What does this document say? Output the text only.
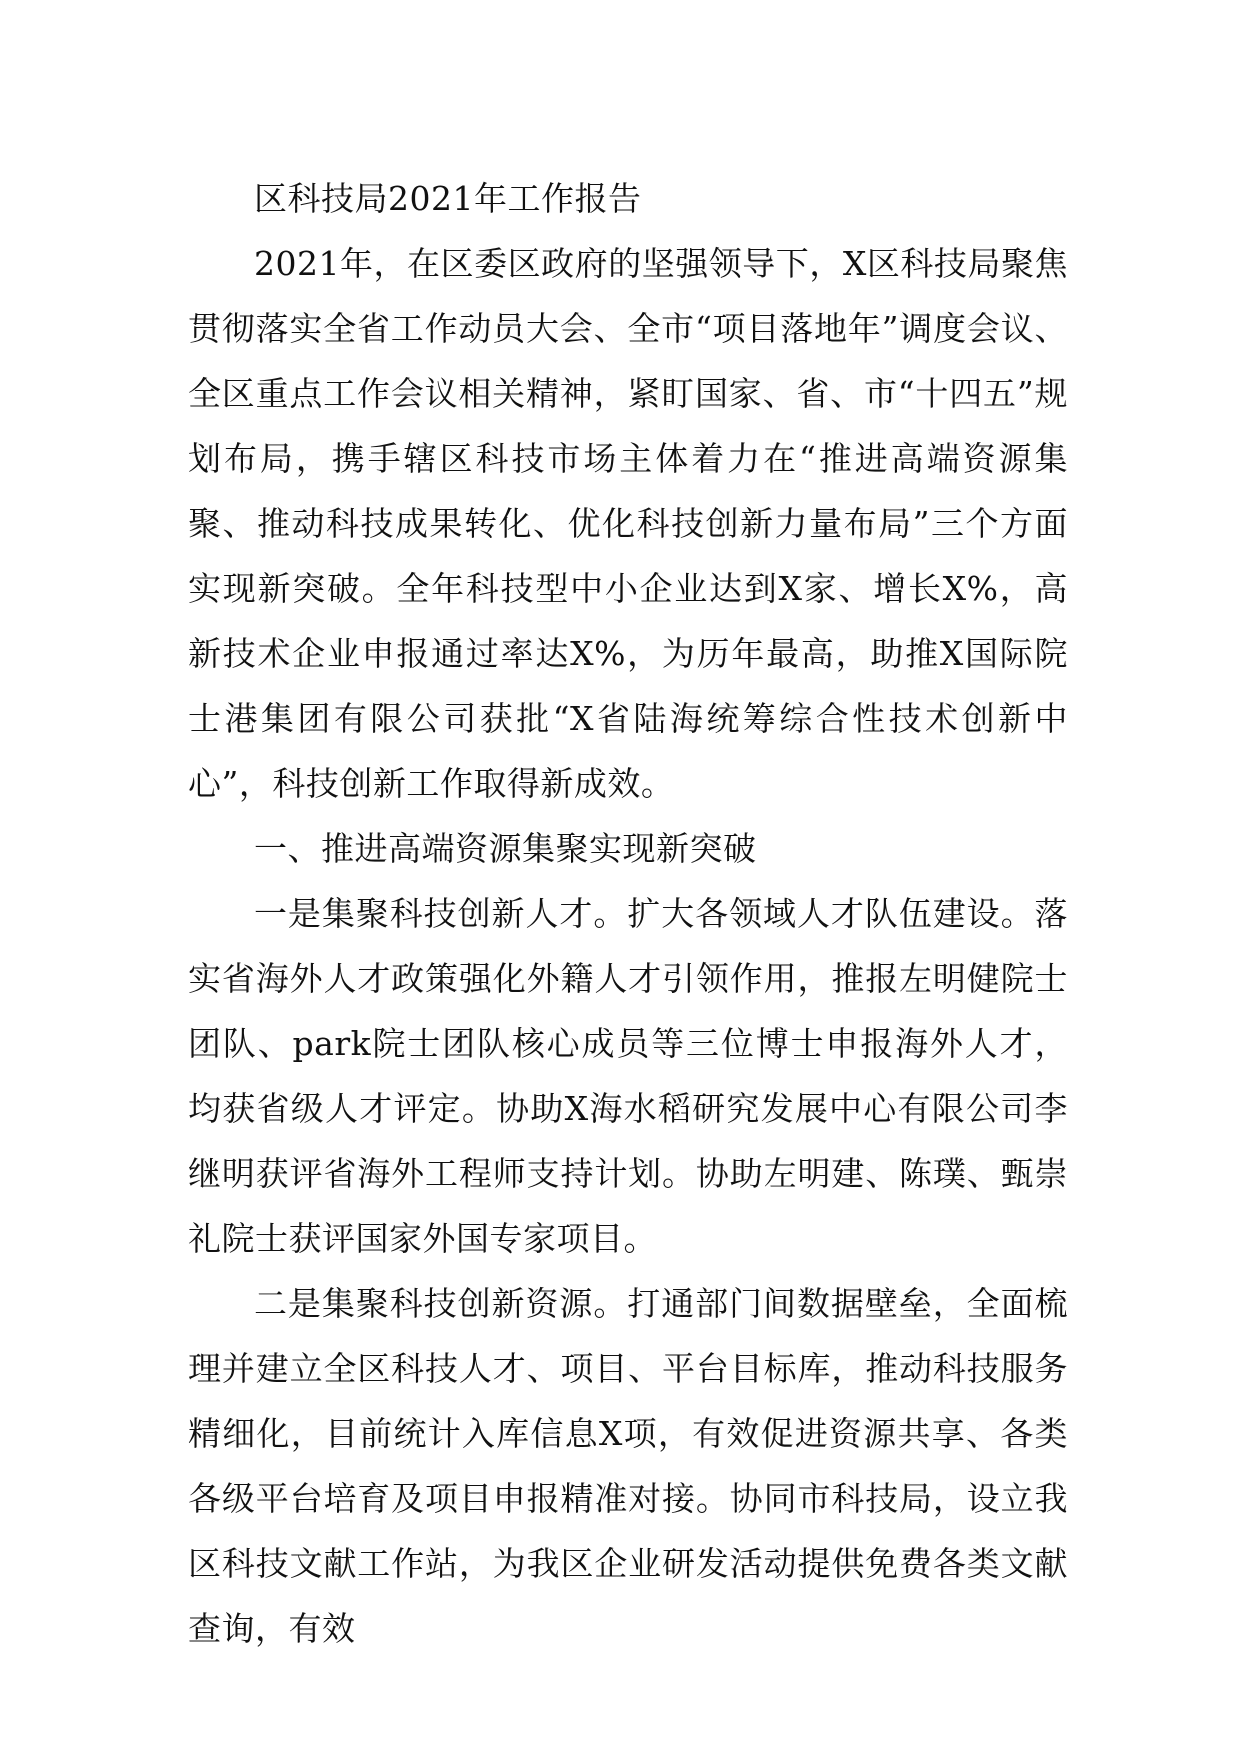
区科技局2021年工作报告

2021年，在区委区政府的坚强领导下，X区科技局聚焦贯彻落实全省工作动员大会、全市“项目落地年”调度会议、全区重点工作会议相关精神，紧盯国家、省、市“十四五”规划布局，携手辖区科技市场主体着力在“推进高端资源集聚、推动科技成果转化、优化科技创新力量布局”三个方面实现新突破。全年科技型中小企业达到X家、增长X%，高新技术企业申报通过率达X%，为历年最高，助推X国际院士港集团有限公司获批“X省陆海统筹综合性技术创新中心”，科技创新工作取得新成效。

一、推进高端资源集聚实现新突破

一是集聚科技创新人才。扩大各领域人才队伍建设。落实省海外人才政策强化外籍人才引领作用，推报左明健院士团队、park院士团队核心成员等三位博士申报海外人才，均获省级人才评定。协助X海水稻研究发展中心有限公司李继明获评省海外工程师支持计划。协助左明建、陈璞、甄崇礼院士获评国家外国专家项目。

二是集聚科技创新资源。打通部门间数据壁垒，全面梳理并建立全区科技人才、项目、平台目标库，推动科技服务精细化，目前统计入库信息X项，有效促进资源共享、各类各级平台培育及项目申报精准对接。协同市科技局，设立我区科技文献工作站，为我区企业研发活动提供免费各类文献查询，有效
